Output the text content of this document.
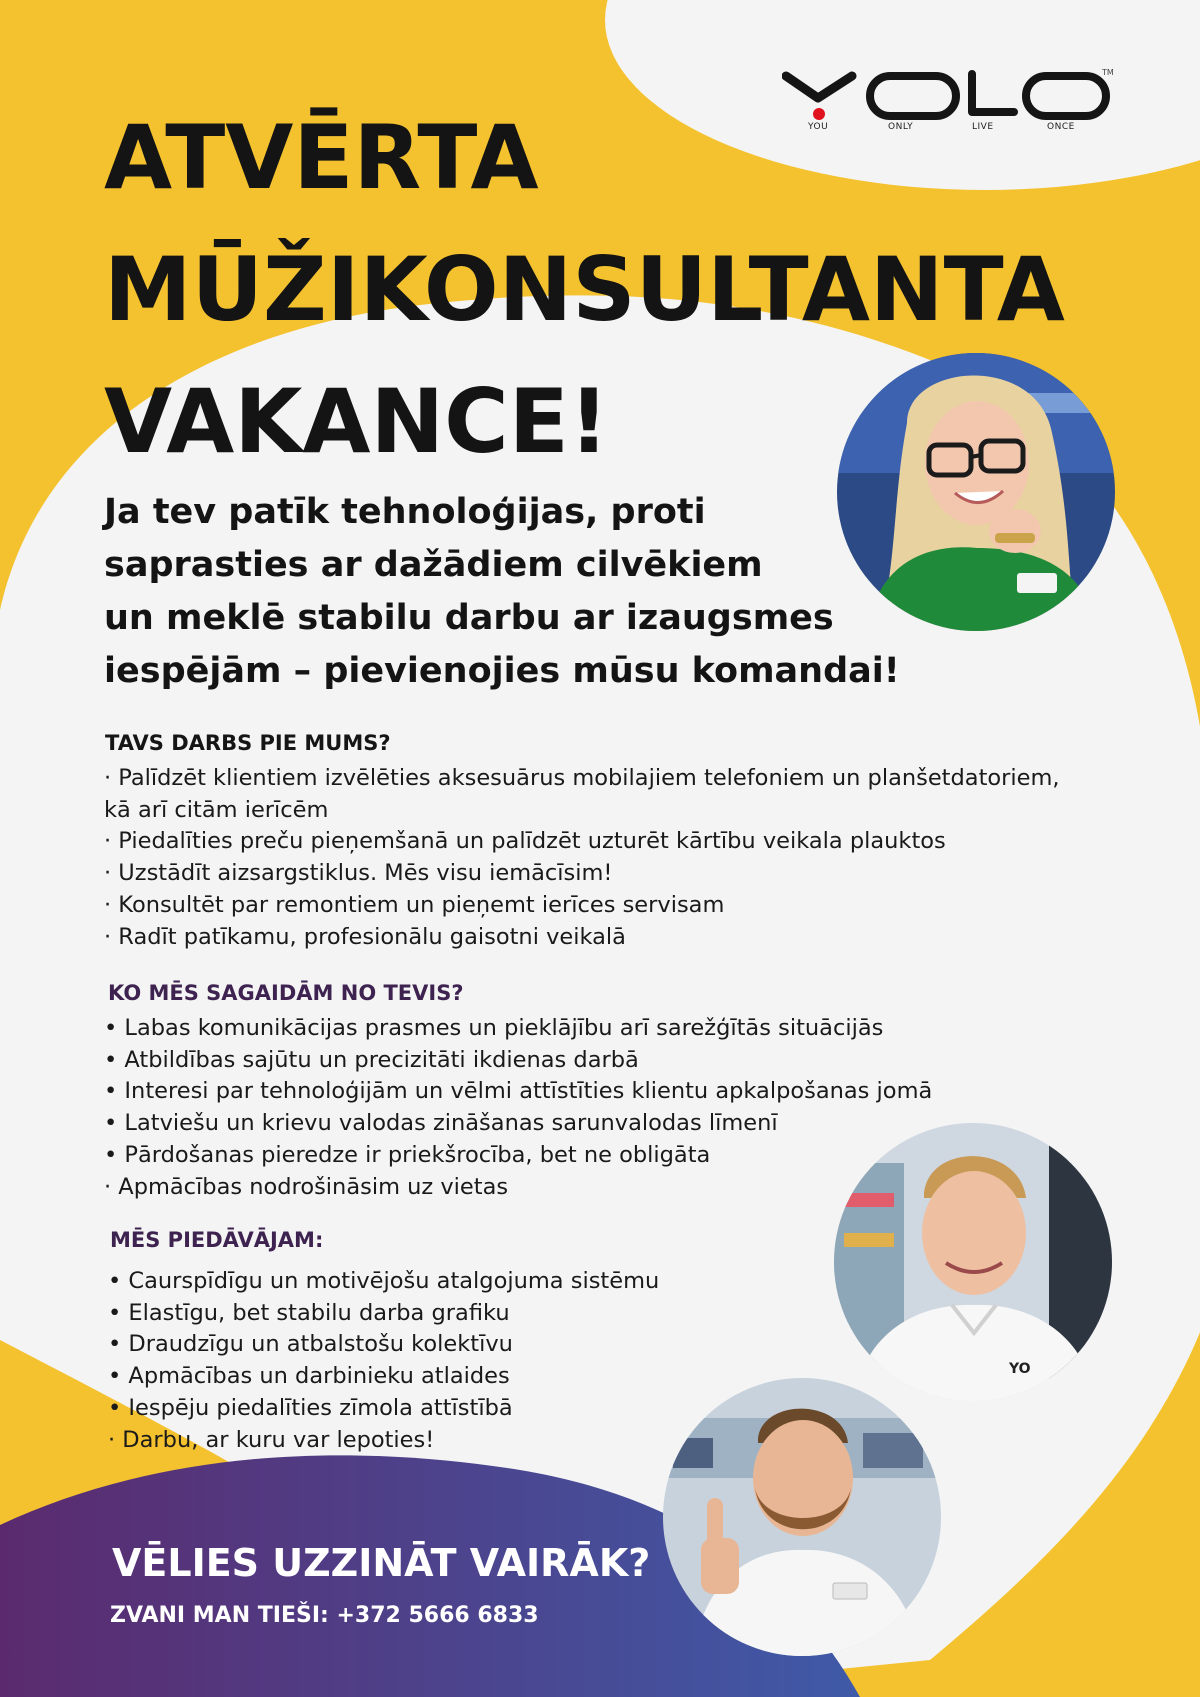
TM
YOU	ONLY	LIVE	ONCE
ATVĒRTA
MŪŽIKONSULTANTA
VAKANCE!

Ja tev patīk tehnoloģijas, proti
saprasties ar dažādiem cilvēkiem
un meklē stabilu darbu ar izaugsmes
iespējām – pievienojies mūsu komandai!

TAVS DARBS PIE MUMS?
· Palīdzēt klientiem izvēlēties aksesuārus mobilajiem telefoniem un planšetdatoriem,
kā arī citām ierīcēm
· Piedalīties preču pieņemšanā un palīdzēt uzturēt kārtību veikala plauktos
· Uzstādīt aizsargstiklus. Mēs visu iemācīsim!
· Konsultēt par remontiem un pieņemt ierīces servisam
· Radīt patīkamu, profesionālu gaisotni veikalā
KO MĒS SAGAIDĀM NO TEVIS?
• Labas komunikācijas prasmes un pieklājību arī sarežģītās situācijās
• Atbildības sajūtu un precizitāti ikdienas darbā
• Interesi par tehnoloģijām un vēlmi attīstīties klientu apkalpošanas jomā
• Latviešu un krievu valodas zināšanas sarunvalodas līmenī
• Pārdošanas pieredze ir priekšrocība, bet ne obligāta
· Apmācības nodrošināsim uz vietas
MĒS PIEDĀVĀJAM:
• Caurspīdīgu un motivējošu atalgojuma sistēmu
• Elastīgu, bet stabilu darba grafiku
• Draudzīgu un atbalstošu kolektīvu
• Apmācības un darbinieku atlaides
• Iespēju piedalīties zīmola attīstībā
· Darbu, ar kuru var lepoties!
YO
VĒLIES UZZINĀT VAIRĀK?

ZVANI MAN TIEŠI: +372 5666 6833
